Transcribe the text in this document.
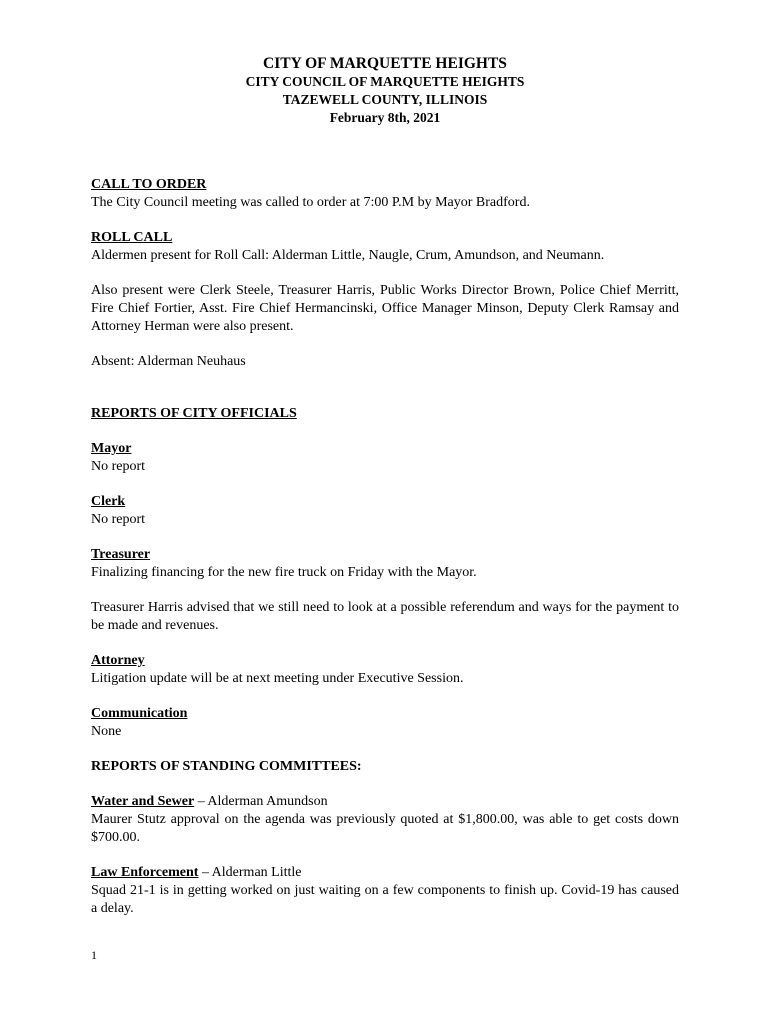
CITY OF MARQUETTE HEIGHTS
CITY COUNCIL OF MARQUETTE HEIGHTS
TAZEWELL COUNTY, ILLINOIS
February 8th, 2021
CALL TO ORDER

The City Council meeting was called to order at 7:00 P.M by Mayor Bradford.

ROLL CALL

Aldermen present for Roll Call: Alderman Little, Naugle, Crum, Amundson, and Neumann.

Also present were Clerk Steele, Treasurer Harris, Public Works Director Brown, Police Chief Merritt, Fire Chief Fortier, Asst. Fire Chief Hermancinski, Office Manager Minson, Deputy Clerk Ramsay and Attorney Herman were also present.

Absent: Alderman Neuhaus

REPORTS OF CITY OFFICIALS
Mayor

No report

Clerk

No report

Treasurer

Finalizing financing for the new fire truck on Friday with the Mayor.

Treasurer Harris advised that we still need to look at a possible referendum and ways for the payment to be made and revenues.

Attorney

Litigation update will be at next meeting under Executive Session.

Communication

None

REPORTS OF STANDING COMMITTEES:
Water and Sewer – Alderman Amundson

Maurer Stutz approval on the agenda was previously quoted at $1,800.00, was able to get costs down $700.00.

Law Enforcement – Alderman Little

Squad 21-1 is in getting worked on just waiting on a few components to finish up. Covid-19 has caused a delay.

1
